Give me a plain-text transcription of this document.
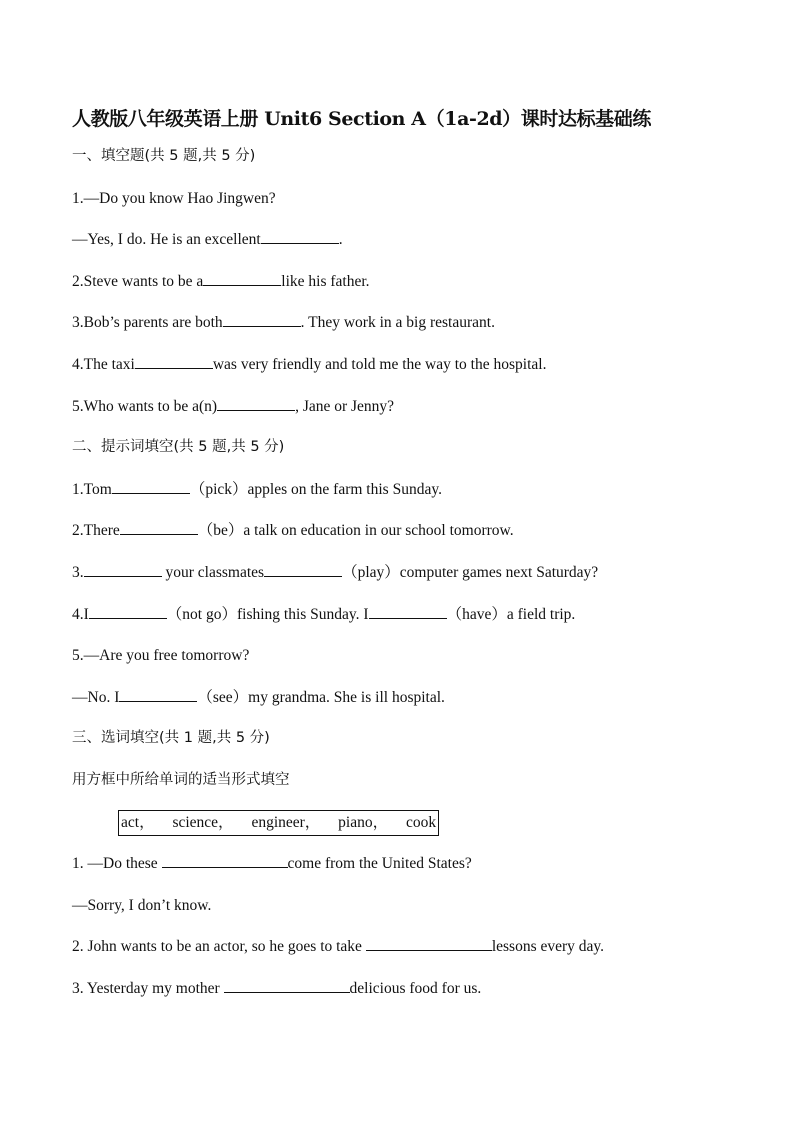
人教版八年级英语上册 Unit6 Section A（1a-2d）课时达标基础练
一、填空题(共 5 题,共 5 分)
1.—Do you know Hao Jingwen?
—Yes, I do. He is an excellent	.
2.Steve wants to be a	like his father.
3.Bob’s parents are both	. They work in a big restaurant.
4.The taxi	was very friendly and told me the way to the hospital.
5.Who wants to be a(n)	, Jane or Jenny?
二、提示词填空(共 5 题,共 5 分)
1.Tom	（pick）apples on the farm this Sunday.
2.There	（be）a talk on education in our school tomorrow.
3.	your classmates	（play）computer games next Saturday?
4.I	（not go）fishing this Sunday. I	（have）a field trip.
5.—Are you free tomorrow?
—No. I	（see）my grandma. She is ill hospital.
三、选词填空(共 1 题,共 5 分)
用方框中所给单词的适当形式填空
act， science， engineer， piano， cook
1. —Do these	come from the United States?
—Sorry, I don’t know.
2. John wants to be an actor, so he goes to take	lessons every day.
3. Yesterday my mother	delicious food for us.
